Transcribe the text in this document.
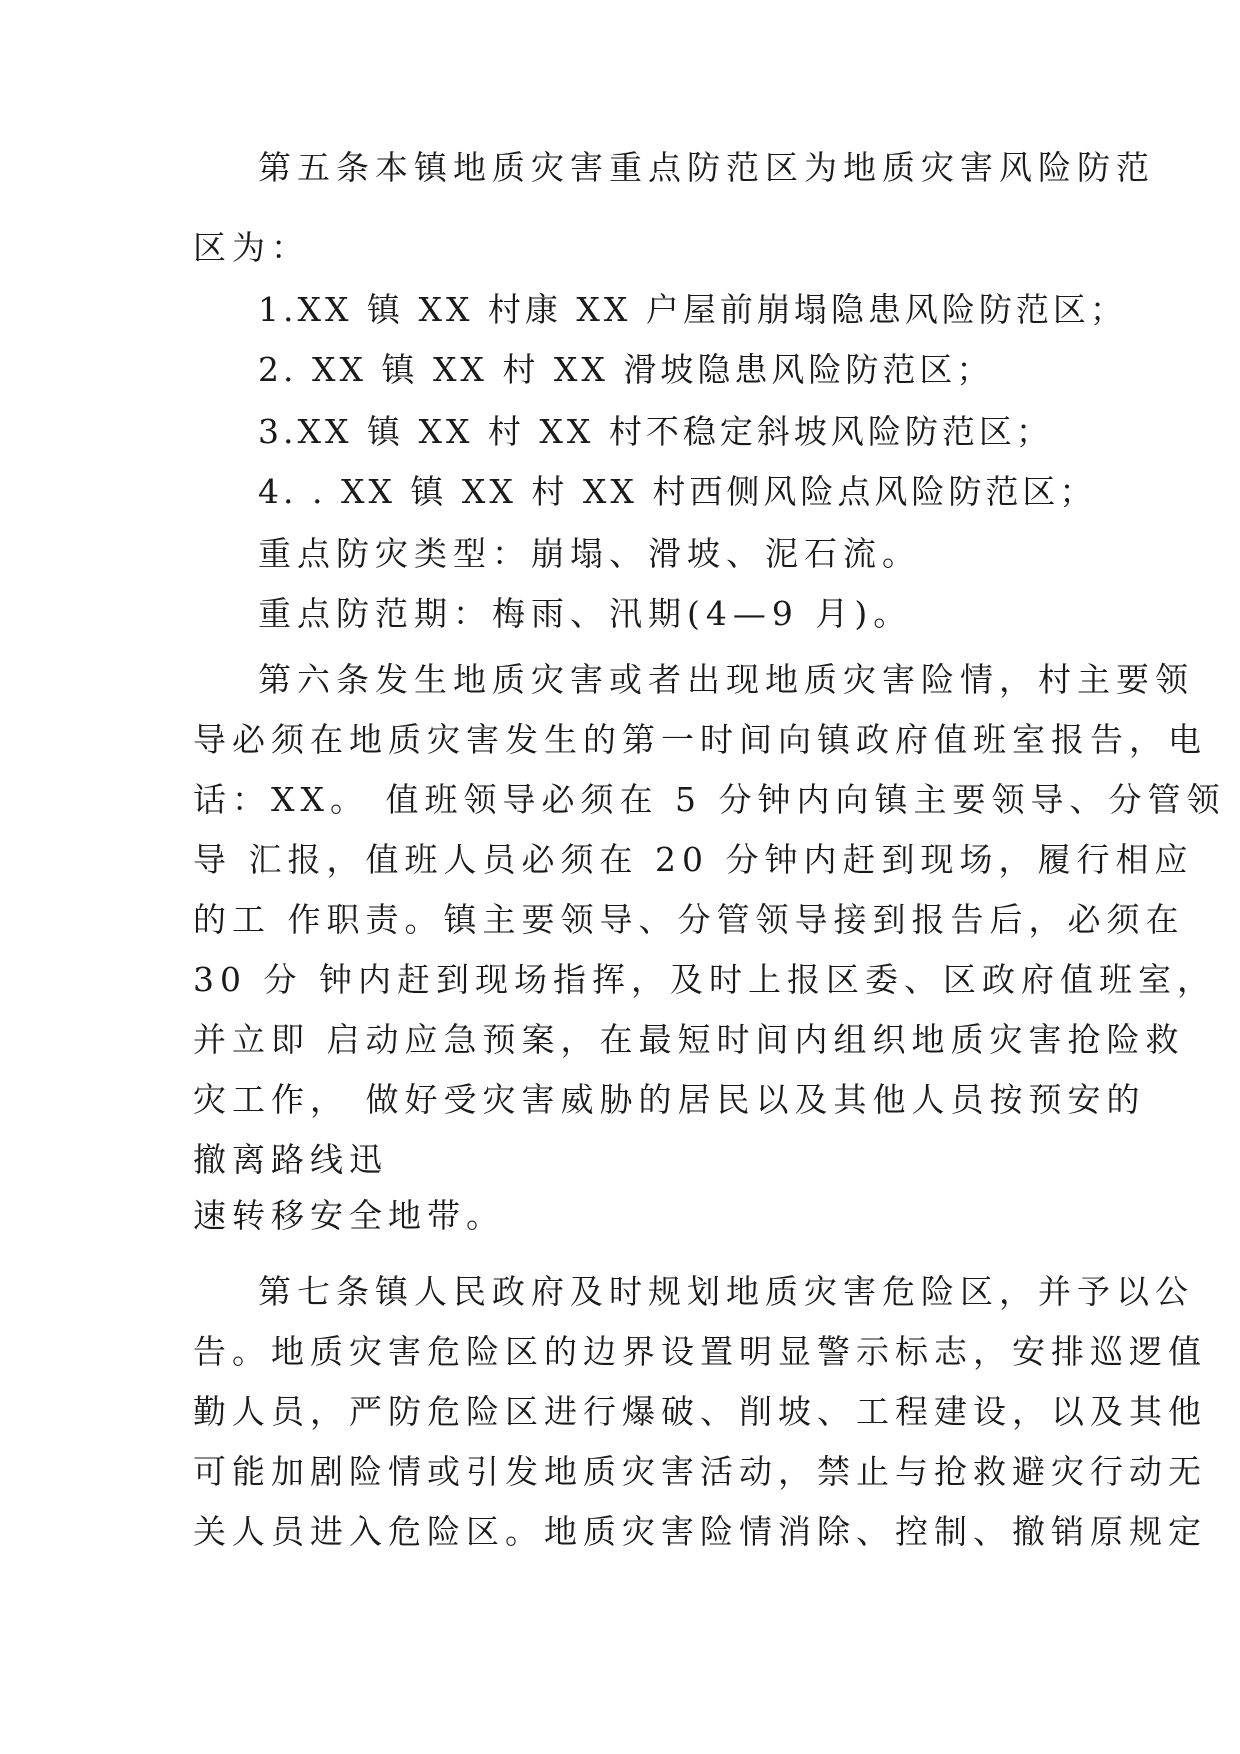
第五条本镇地质灾害重点防范区为地质灾害风险防范
区为：
1.XX 镇 XX 村康 XX 户屋前崩塌隐患风险防范区；
2. XX 镇 XX 村 XX 滑坡隐患风险防范区；
3.XX 镇 XX 村 XX 村不稳定斜坡风险防范区；
4. . XX 镇 XX 村 XX 村西侧风险点风险防范区；
重点防灾类型：崩塌、滑坡、泥石流。
重点防范期：梅雨、汛期(4—9 月)。
第六条发生地质灾害或者出现地质灾害险情，村主要领
导必须在地质灾害发生的第一时间向镇政府值班室报告，电
话：XX。 值班领导必须在 5 分钟内向镇主要领导、分管领
导 汇报，值班人员必须在 20 分钟内赶到现场，履行相应
的工 作职责。镇主要领导、分管领导接到报告后，必须在
30 分 钟内赶到现场指挥，及时上报区委、区政府值班室，
并立即 启动应急预案，在最短时间内组织地质灾害抢险救
灾工作， 做好受灾害威胁的居民以及其他人员按预安的
撤离路线迅
速转移安全地带。
第七条镇人民政府及时规划地质灾害危险区，并予以公
告。地质灾害危险区的边界设置明显警示标志，安排巡逻值
勤人员，严防危险区进行爆破、削坡、工程建设，以及其他
可能加剧险情或引发地质灾害活动，禁止与抢救避灾行动无
关人员进入危险区。地质灾害险情消除、控制、撤销原规定
